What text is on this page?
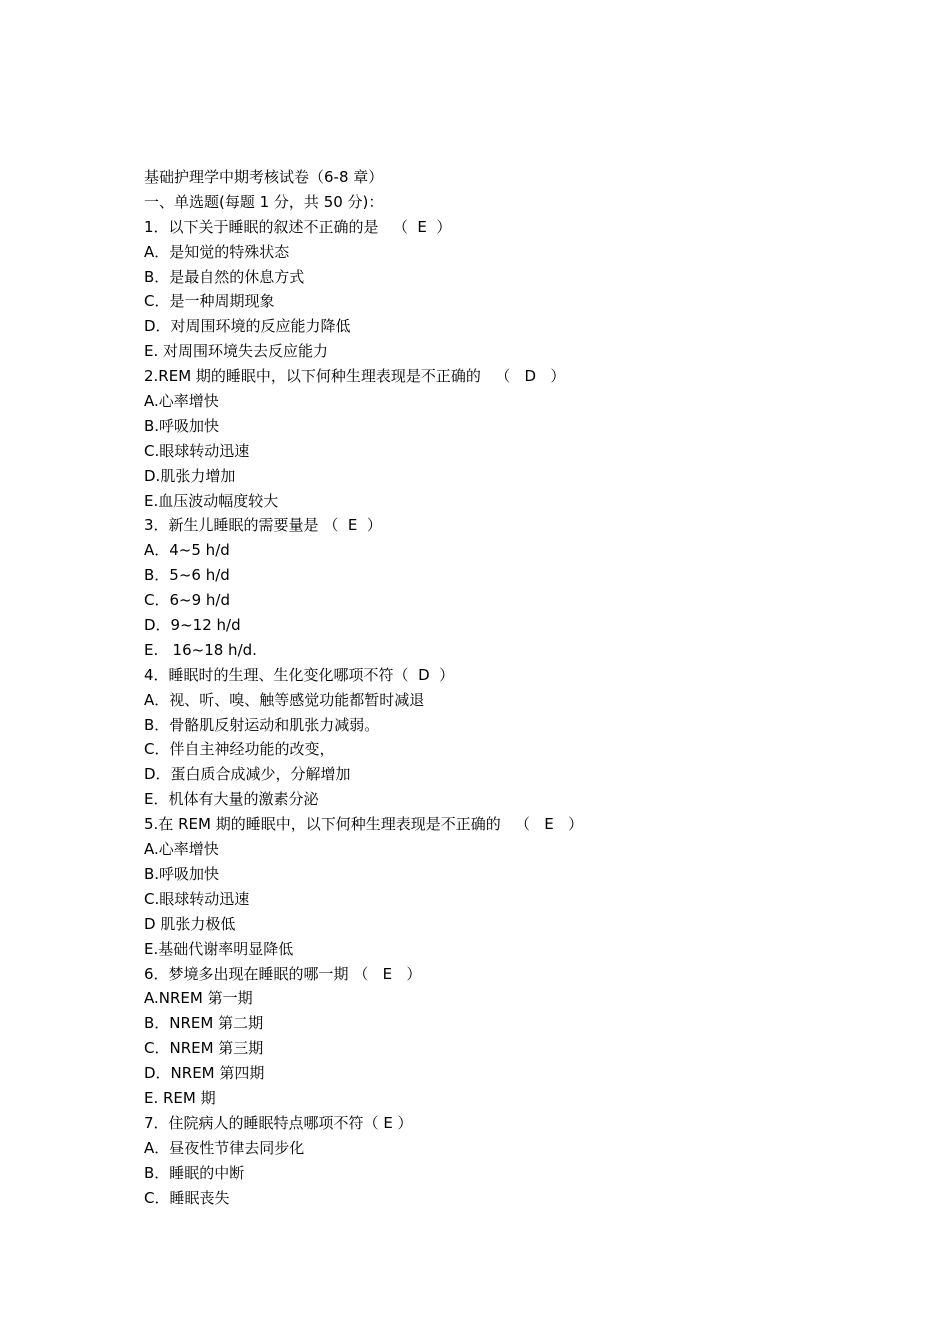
基础护理学中期考核试卷（6-8 章）
一、单选题(每题 1 分，共 50 分)：
1．以下关于睡眠的叙述不正确的是   （  E  ）
A．是知觉的特殊状态
B．是最自然的休息方式
C．是一种周期现象
D．对周围环境的反应能力降低
E. 对周围环境失去反应能力
2.REM 期的睡眠中，以下何种生理表现是不正确的   （   D   ）
A.心率增快
B.呼吸加快
C.眼球转动迅速
D.肌张力增加
E.血压波动幅度较大
3．新生儿睡眠的需要量是 （  E  ）
A．4~5 h/d
B．5~6 h/d
C．6~9 h/d
D．9~12 h/d
E.   16~18 h/d.
4．睡眠时的生理、生化变化哪项不符（  D  ）
A．视、听、嗅、触等感觉功能都暂时减退
B．骨骼肌反射运动和肌张力减弱。
C．伴自主神经功能的改变，
D．蛋白质合成减少，分解增加
E．机体有大量的激素分泌
5.在 REM 期的睡眠中，以下何种生理表现是不正确的   （   E   ）
A.心率增快
B.呼吸加快
C.眼球转动迅速
D 肌张力极低
E.基础代谢率明显降低
6．梦境多出现在睡眠的哪一期 （   E   ）
A.NREM 第一期
B．NREM 第二期
C．NREM 第三期
D．NREM 第四期
E. REM 期
7．住院病人的睡眠特点哪项不符（ E ）
A．昼夜性节律去同步化
B．睡眠的中断
C．睡眠丧失
